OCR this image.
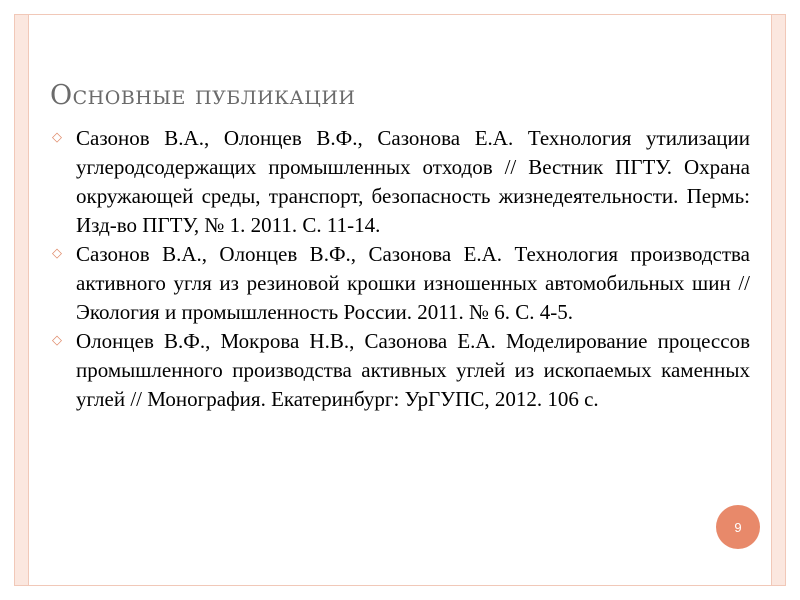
Основные публикации
◇ Сазонов В.А., Олонцев В.Ф., Сазонова Е.А. Технология утилизации углеродсодержащих промышленных отходов // Вестник ПГТУ. Охрана окружающей среды, транспорт, безопасность жизнедеятельности. Пермь: Изд-во ПГТУ, № 1. 2011. С. 11-14.
◇ Сазонов В.А., Олонцев В.Ф., Сазонова Е.А. Технология производства активного угля из резиновой крошки изношенных автомобильных шин // Экология и промышленность России. 2011. № 6. С. 4-5.
◇ Олонцев В.Ф., Мокрова Н.В., Сазонова Е.А. Моделирование процессов промышленного производства активных углей из ископаемых каменных углей // Монография. Екатеринбург: УрГУПС, 2012. 106 с.
9
